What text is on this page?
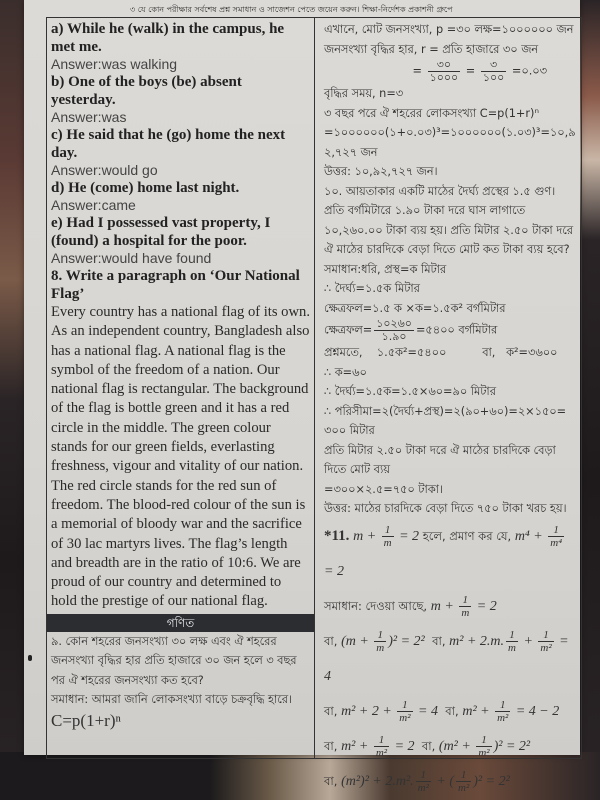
৩ যে কোন পরীক্ষার সর্বশেষ প্রশ্ন সমাধান ও সাজেশন পেতে জয়েন করুন। শিক্ষা-নির্দেশক প্রকাশনী গ্রুপে

a) While he (walk) in the campus, he met me.

Answer:was walking

b) One of the boys (be) absent yesterday.

Answer:was

c) He said that he (go) home the next day.

Answer:would go

d) He (come) home last night.

Answer:came

e) Had I possessed vast property, I (found) a hospital for the poor.

Answer:would have found

8. Write a paragraph on ‘Our National Flag’

Every country has a national flag of its own. As an independent country, Bangladesh also has a national flag. A national flag is the symbol of the freedom of a nation. Our national flag is rectangular. The background of the flag is bottle green and it has a red circle in the middle. The green colour stands for our green fields, everlasting freshness, vigour and vitality of our nation. The red circle stands for the red sun of freedom. The blood-red colour of the sun is a memorial of bloody war and the sacrifice of 30 lac martyrs lives. The flag’s length and breadth are in the ratio of 10:6. We are proud of our country and determined to hold the prestige of our national flag.

গণিত

৯. কোন শহরের জনসংখ্যা ৩০ লক্ষ এবং ঐ শহরের জনসংখ্যা বৃদ্ধির হার প্রতি হাজারে ৩০ জন হলে ৩ বছর পর ঐ শহরের জনসংখ্যা কত হবে?

সমাধান: আমরা জানি লোকসংখ্যা বাড়ে চক্রবৃদ্ধি হারে।

C=p(1+r)ⁿ

এখানে, মোট জনসংখ্যা, p =৩০ লক্ষ=১০০০০০০ জন

জনসংখ্যা বৃদ্ধির হার, r = প্রতি হাজারে ৩০ জন

= $\frac{৩০}{১০০০} = \frac{৩}{১০০}$ =০.০৩

বৃদ্ধির সময়, n=৩

৩ বছর পরে ঐ শহরের লোকসংখ্যা C=p(1+r)ⁿ

=১০০০০০০(১+০.০৩)³=১০০০০০০(১.০৩)³=১০,৯

২,৭২৭ জন

উত্তর: ১০,৯২,৭২৭ জন।

১০. আয়তাকার একটি মাঠের দৈর্ঘ্য প্রস্থের ১.৫ গুণ। প্রতি বর্গমিটারে ১.৯০ টাকা দরে ঘাস লাগাতে ১০,২৬০.০০ টাকা ব্যয় হয়। প্রতি মিটার ২.৫০ টাকা দরে ঐ মাঠের চারদিকে বেড়া দিতে মোট কত টাকা ব্যয় হবে?

সমাধান:ধরি, প্রস্থ=ক মিটার

∴ দৈর্ঘ্য=১.৫ক মিটার

ক্ষেত্রফল=১.৫ ক ×ক=১.৫ক² বর্গমিটার

ক্ষেত্রফল= $\frac{১০২৬০}{১.৯০}$ =৫৪০০ বর্গমিটার

প্রশ্নমতে,    ১.৫ক²=৫৪০০          বা,   ক²=৩৬০০

∴ ক=৬০

∴ দৈর্ঘ্য=১.৫ক=১.৫×৬০=৯০ মিটার

∴ পরিসীমা=২(দৈর্ঘ্য+প্রস্থ)=২(৯০+৬০)=২×১৫০=

৩০০ মিটার

প্রতি মিটার ২.৫০ টাকা দরে ঐ মাঠের চারদিকে বেড়া দিতে মোট ব্যয়

=৩০০×২.৫=৭৫০ টাকা।

উত্তর: মাঠের চারদিকে বেড়া দিতে ৭৫০ টাকা খরচ হয়।

*11. $m + \frac{1}{m} = 2$ হলে, প্রমাণ কর যে, $m^4 + \frac{1}{\text{m⁴}}$
= 2

সমাধান: দেওয়া আছে, $m + \frac{1}{m} = 2$

বা, $(m + \frac{1}{m} )^2 = 2^2$ বা, m² + 2.m. $\frac{1}{m} + \frac{1}{\text{m²}} = 4$

বা, $m^2 + 2 + \frac{1}{\text{m²}} = 4$ বা, $m^2 + \frac{1}{\text{m²}} = 4 - 2$

বা, $m^2 + \frac{1}{\text{m²}} = 2$ বা, $(m^2 + \frac{1}{\text{m²}} )^2 = 2^2$

বা, (m²)² + 2.m². $\frac{1}{\text{m²}}$ + ( $\frac{1}{\text{m²}} )^2 = 2^2$
